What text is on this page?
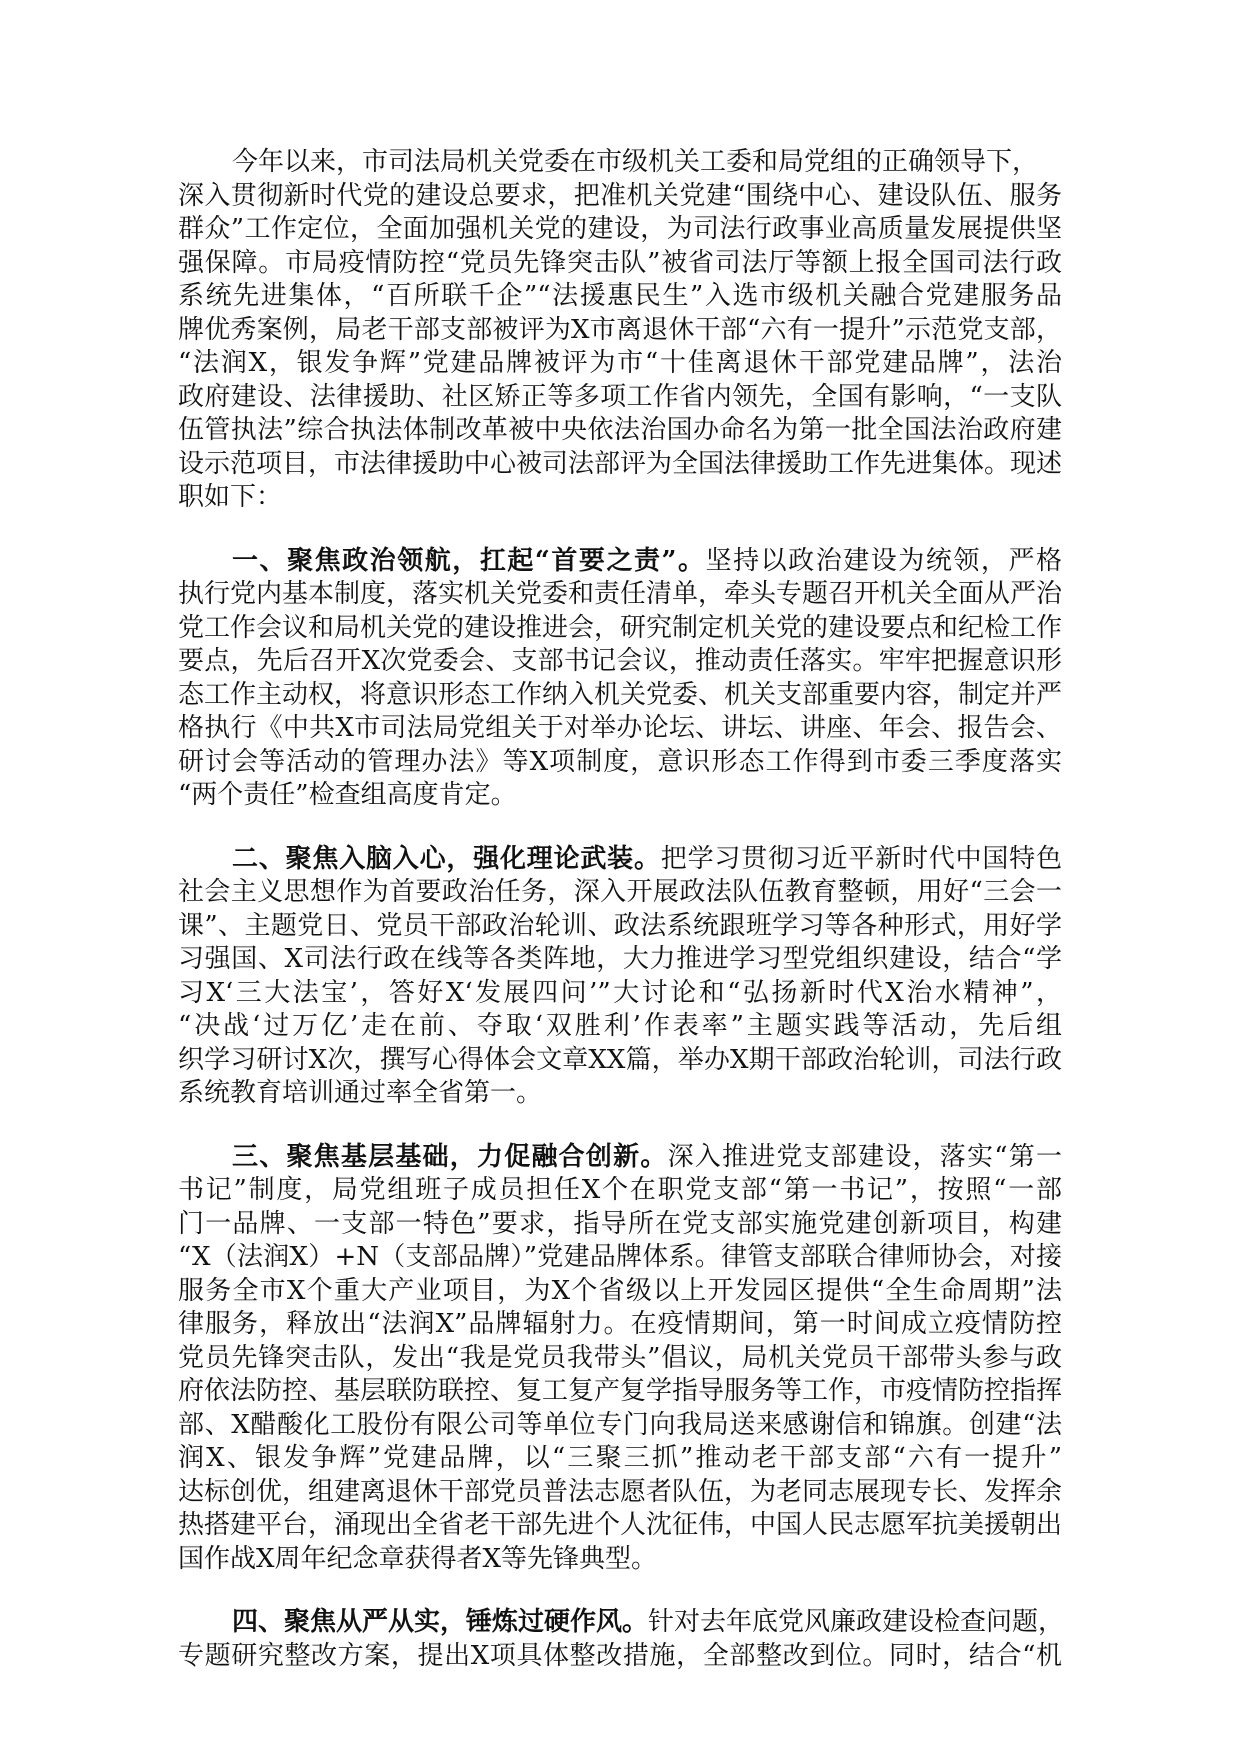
今年以来，市司法局机关党委在市级机关工委和局党组的正确领导下，
深入贯彻新时代党的建设总要求，把准机关党建“围绕中心、建设队伍、服务
群众”工作定位，全面加强机关党的建设，为司法行政事业高质量发展提供坚
强保障。市局疫情防控“党员先锋突击队”被省司法厅等额上报全国司法行政
系统先进集体，“百所联千企”“法援惠民生”入选市级机关融合党建服务品
牌优秀案例，局老干部支部被评为X市离退休干部“六有一提升”示范党支部，
“法润X，银发争辉”党建品牌被评为市“十佳离退休干部党建品牌”，法治
政府建设、法律援助、社区矫正等多项工作省内领先，全国有影响，“一支队
伍管执法”综合执法体制改革被中央依法治国办命名为第一批全国法治政府建
设示范项目，市法律援助中心被司法部评为全国法律援助工作先进集体。现述
职如下：
一、聚焦政治领航，扛起“首要之责”。坚持以政治建设为统领，严格
执行党内基本制度，落实机关党委和责任清单，牵头专题召开机关全面从严治
党工作会议和局机关党的建设推进会，研究制定机关党的建设要点和纪检工作
要点，先后召开X次党委会、支部书记会议，推动责任落实。牢牢把握意识形
态工作主动权，将意识形态工作纳入机关党委、机关支部重要内容，制定并严
格执行《中共X市司法局党组关于对举办论坛、讲坛、讲座、年会、报告会、
研讨会等活动的管理办法》等X项制度，意识形态工作得到市委三季度落实
“两个责任”检查组高度肯定。
二、聚焦入脑入心，强化理论武装。把学习贯彻习近平新时代中国特色
社会主义思想作为首要政治任务，深入开展政法队伍教育整顿，用好“三会一
课”、主题党日、党员干部政治轮训、政法系统跟班学习等各种形式，用好学
习强国、X司法行政在线等各类阵地，大力推进学习型党组织建设，结合“学
习X‘三大法宝’，答好X‘发展四问’”大讨论和“弘扬新时代X治水精神”，
“决战‘过万亿’走在前、夺取‘双胜利’作表率”主题实践等活动，先后组
织学习研讨X次，撰写心得体会文章XX篇，举办X期干部政治轮训，司法行政
系统教育培训通过率全省第一。
三、聚焦基层基础，力促融合创新。深入推进党支部建设，落实“第一
书记”制度，局党组班子成员担任X个在职党支部“第一书记”，按照“一部
门一品牌、一支部一特色”要求，指导所在党支部实施党建创新项目，构建
“X（法润X）+N（支部品牌）”党建品牌体系。律管支部联合律师协会，对接
服务全市X个重大产业项目，为X个省级以上开发园区提供“全生命周期”法
律服务，释放出“法润X”品牌辐射力。在疫情期间，第一时间成立疫情防控
党员先锋突击队，发出“我是党员我带头”倡议，局机关党员干部带头参与政
府依法防控、基层联防联控、复工复产复学指导服务等工作，市疫情防控指挥
部、X醋酸化工股份有限公司等单位专门向我局送来感谢信和锦旗。创建“法
润X、银发争辉”党建品牌，以“三聚三抓”推动老干部支部“六有一提升”
达标创优，组建离退休干部党员普法志愿者队伍，为老同志展现专长、发挥余
热搭建平台，涌现出全省老干部先进个人沈征伟，中国人民志愿军抗美援朝出
国作战X周年纪念章获得者X等先锋典型。
四、聚焦从严从实，锤炼过硬作风。针对去年底党风廉政建设检查问题，
专题研究整改方案，提出X项具体整改措施，全部整改到位。同时，结合“机
